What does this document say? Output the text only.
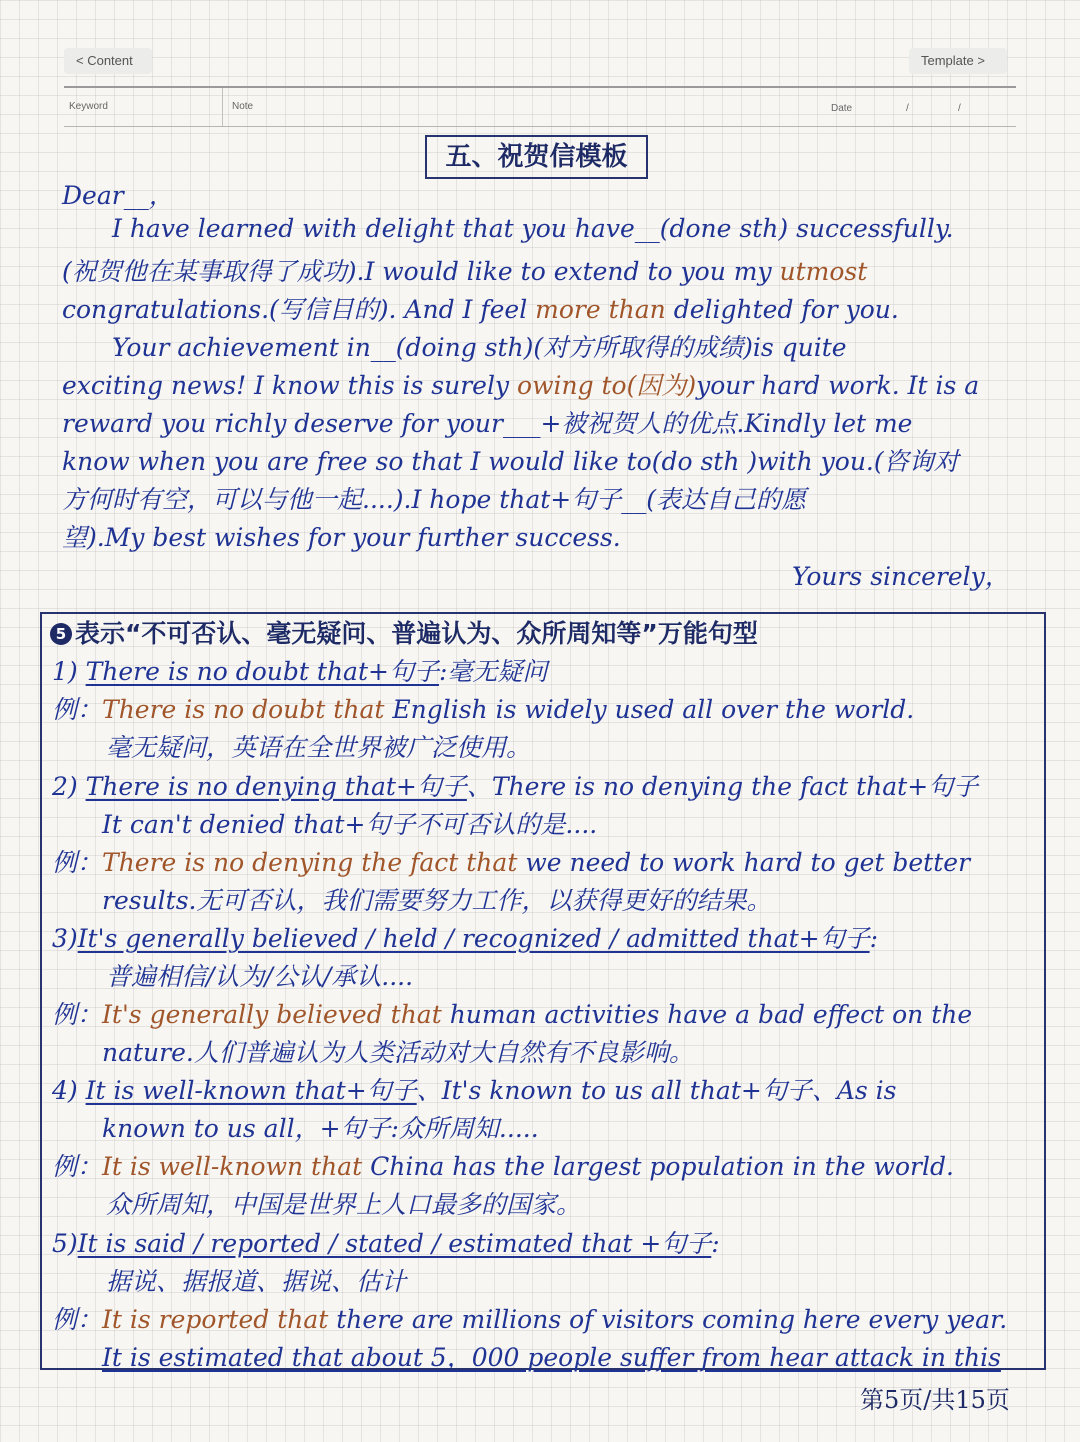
< Content	Template >
Keyword	Note	Date	/	/
五、祝贺信模板
Dear__，
I have learned with delight that you have__(done sth) successfully.
(祝贺他在某事取得了成功).I would like to extend to you my utmost
congratulations.(写信目的). And I feel more than delighted for you.
Your achievement in__(doing sth)(对方所取得的成绩)is quite
exciting news! I know this is surely owing to(因为)your hard work. It is a
reward you richly deserve for your___+被祝贺人的优点.Kindly let me
know when you are free so that I would like to(do sth )with you.(咨询对
方何时有空，可以与他一起....).I hope that+句子__(表达自己的愿
望).My best wishes for your further success.
Yours sincerely，
5 表示“不可否认、毫无疑问、普遍认为、众所周知等”万能句型
1) There is no doubt that+句子:毫无疑问
例：There is no doubt that English is widely used all over the world.
毫无疑问，英语在全世界被广泛使用。
2) There is no denying that+句子、There is no denying the fact that+句子
It can't denied that+句子不可否认的是....
例：There is no denying the fact that we need to work hard to get better
results.无可否认，我们需要努力工作，以获得更好的结果。
3)It's generally believed / held / recognized / admitted that+句子:
普遍相信/认为/公认/承认....
例：It's generally believed that human activities have a bad effect on the
nature.人们普遍认为人类活动对大自然有不良影响。
4) It is well-known that+句子、It's known to us all that+句子、As is
known to us all，+句子:众所周知.....
例：It is well-known that China has the largest population in the world.
众所周知，中国是世界上人口最多的国家。
5)It is said / reported / stated / estimated that +句子:
据说、据报道、据说、估计
例：It is reported that there are millions of visitors coming here every year.
It is estimated that about 5，000 people suffer from hear attack in this
第5页/共15页
